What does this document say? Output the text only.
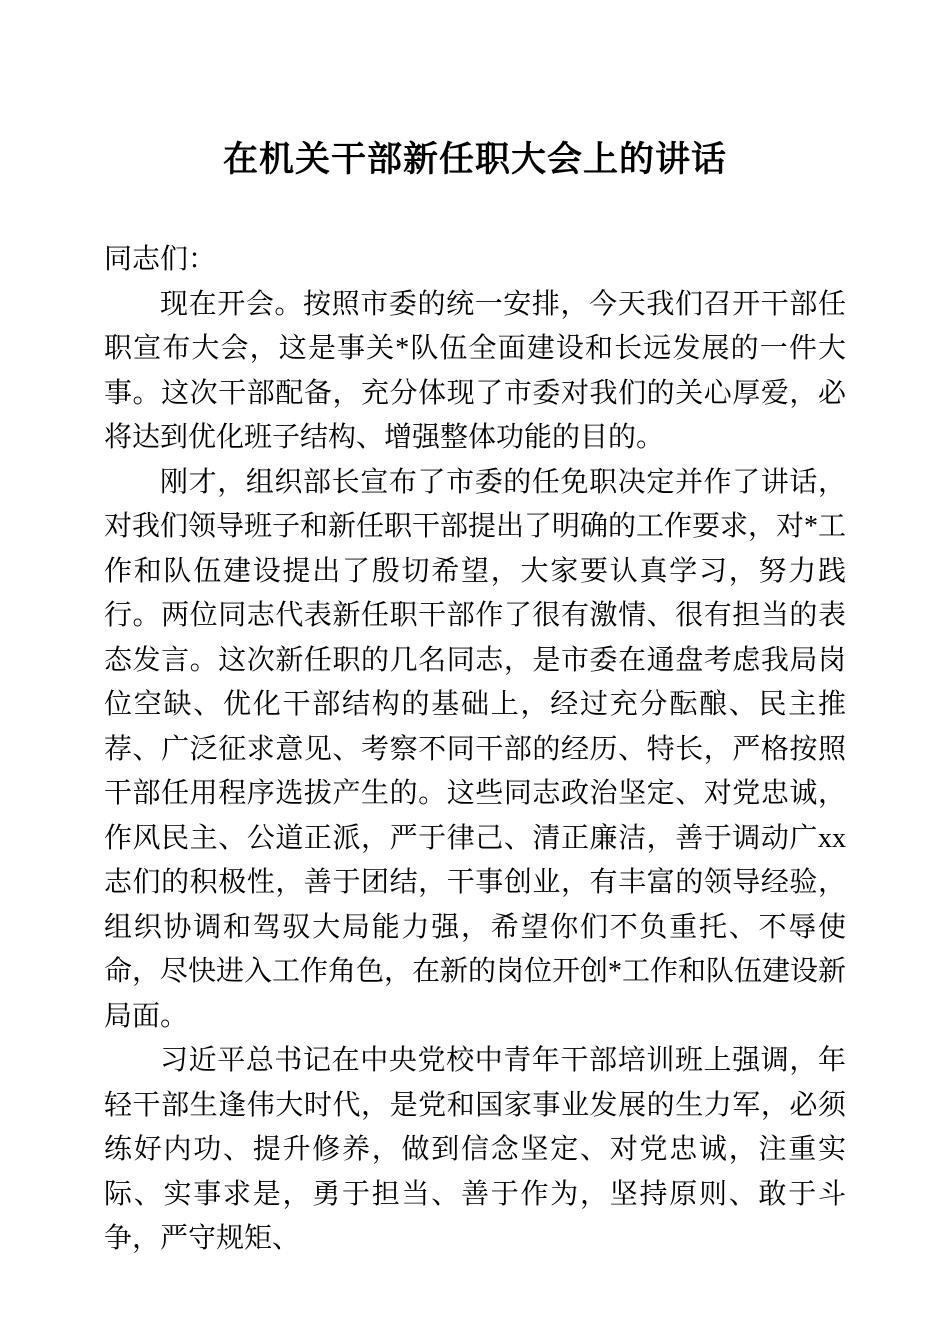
在机关干部新任职大会上的讲话

同志们：

现在开会。按照市委的统一安排，今天我们召开干部任职宣布大会，这是事关*队伍全面建设和长远发展的一件大事。这次干部配备，充分体现了市委对我们的关心厚爱，必将达到优化班子结构、增强整体功能的目的。

刚才，组织部长宣布了市委的任免职决定并作了讲话，对我们领导班子和新任职干部提出了明确的工作要求，对*工作和队伍建设提出了殷切希望，大家要认真学习，努力践行。两位同志代表新任职干部作了很有激情、很有担当的表态发言。这次新任职的几名同志，是市委在通盘考虑我局岗位空缺、优化干部结构的基础上，经过充分酝酿、民主推荐、广泛征求意见、考察不同干部的经历、特长，严格按照干部任用程序选拔产生的。这些同志政治坚定、对党忠诚，作风民主、公道正派，严于律己、清正廉洁，善于调动广xx志们的积极性，善于团结，干事创业，有丰富的领导经验，组织协调和驾驭大局能力强，希望你们不负重托、不辱使命，尽快进入工作角色，在新的岗位开创*工作和队伍建设新局面。

习近平总书记在中央党校中青年干部培训班上强调，年轻干部生逢伟大时代，是党和国家事业发展的生力军，必须练好内功、提升修养，做到信念坚定、对党忠诚，注重实际、实事求是，勇于担当、善于作为，坚持原则、敢于斗争，严守规矩、
